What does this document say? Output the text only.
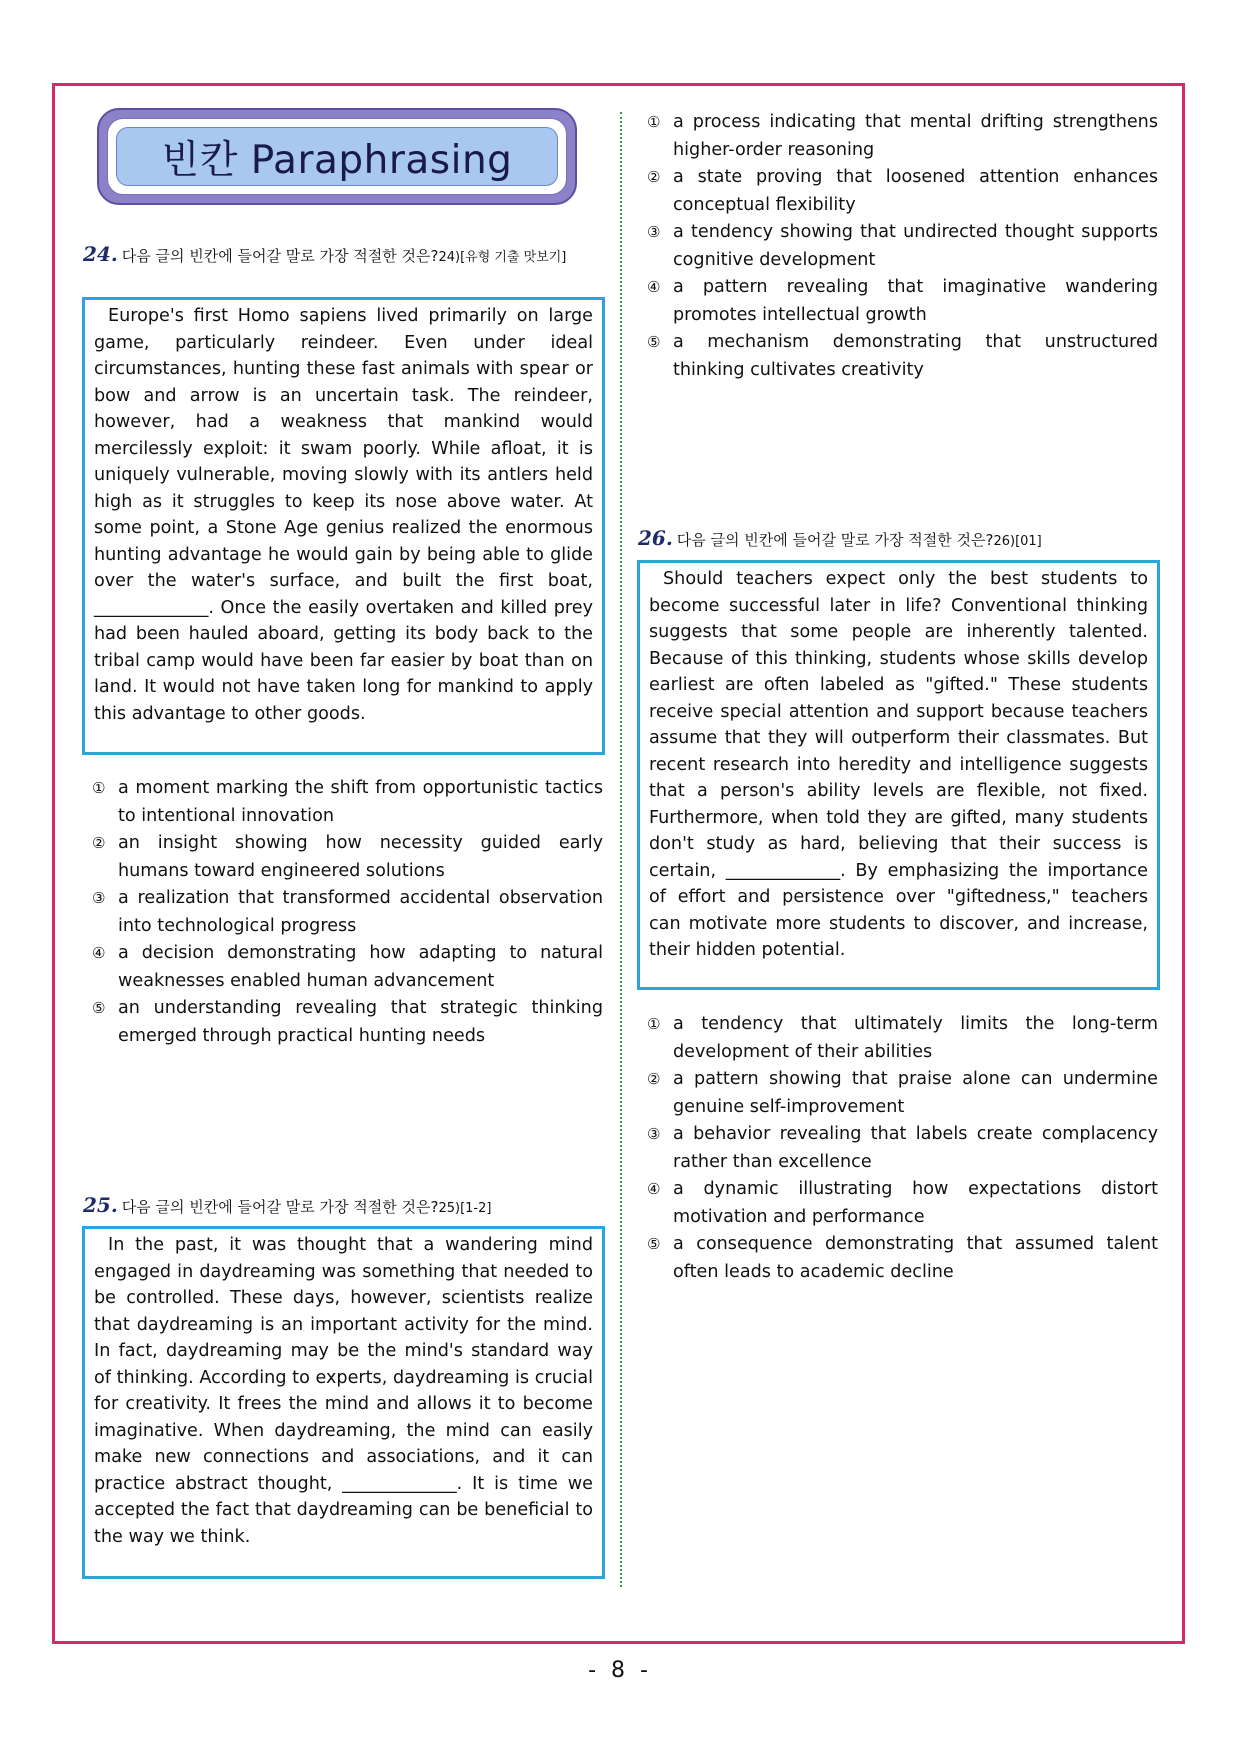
빈칸 Paraphrasing
24. 다음 글의 빈칸에 들어갈 말로 가장 적절한 것은?24)[유형 기출 맛보기]
Europe's first Homo sapiens lived primarily on large game, particularly reindeer. Even under ideal circumstances, hunting these fast animals with spear or bow and arrow is an uncertain task. The reindeer, however, had a weakness that mankind would mercilessly exploit: it swam poorly. While afloat, it is uniquely vulnerable, moving slowly with its antlers held high as it struggles to keep its nose above water. At some point, a Stone Age genius realized the enormous hunting advantage he would gain by being able to glide over the water's surface, and built the first boat, _____________. Once the easily overtaken and killed prey had been hauled aboard, getting its body back to the tribal camp would have been far easier by boat than on land. It would not have taken long for mankind to apply this advantage to other goods.
① a moment marking the shift from opportunistic tactics to intentional innovation
② an insight showing how necessity guided early humans toward engineered solutions
③ a realization that transformed accidental observation into technological progress
④ a decision demonstrating how adapting to natural weaknesses enabled human advancement
⑤ an understanding revealing that strategic thinking emerged through practical hunting needs
25. 다음 글의 빈칸에 들어갈 말로 가장 적절한 것은?25)[1-2]
In the past, it was thought that a wandering mind engaged in daydreaming was something that needed to be controlled. These days, however, scientists realize that daydreaming is an important activity for the mind. In fact, daydreaming may be the mind's standard way of thinking. According to experts, daydreaming is crucial for creativity. It frees the mind and allows it to become imaginative. When daydreaming, the mind can easily make new connections and associations, and it can practice abstract thought, _____________. It is time we accepted the fact that daydreaming can be beneficial to the way we think.
① a process indicating that mental drifting strengthens higher-order reasoning
② a state proving that loosened attention enhances conceptual flexibility
③ a tendency showing that undirected thought supports cognitive development
④ a pattern revealing that imaginative wandering promotes intellectual growth
⑤ a mechanism demonstrating that unstructured thinking cultivates creativity
26. 다음 글의 빈칸에 들어갈 말로 가장 적절한 것은?26)[01]
Should teachers expect only the best students to become successful later in life? Conventional thinking suggests that some people are inherently talented. Because of this thinking, students whose skills develop earliest are often labeled as "gifted." These students receive special attention and support because teachers assume that they will outperform their classmates. But recent research into heredity and intelligence suggests that a person's ability levels are flexible, not fixed. Furthermore, when told they are gifted, many students don't study as hard, believing that their success is certain, _____________. By emphasizing the importance of effort and persistence over "giftedness," teachers can motivate more students to discover, and increase, their hidden potential.
① a tendency that ultimately limits the long-term development of their abilities
② a pattern showing that praise alone can undermine genuine self-improvement
③ a behavior revealing that labels create complacency rather than excellence
④ a dynamic illustrating how expectations distort motivation and performance
⑤ a consequence demonstrating that assumed talent often leads to academic decline
- 8 -
